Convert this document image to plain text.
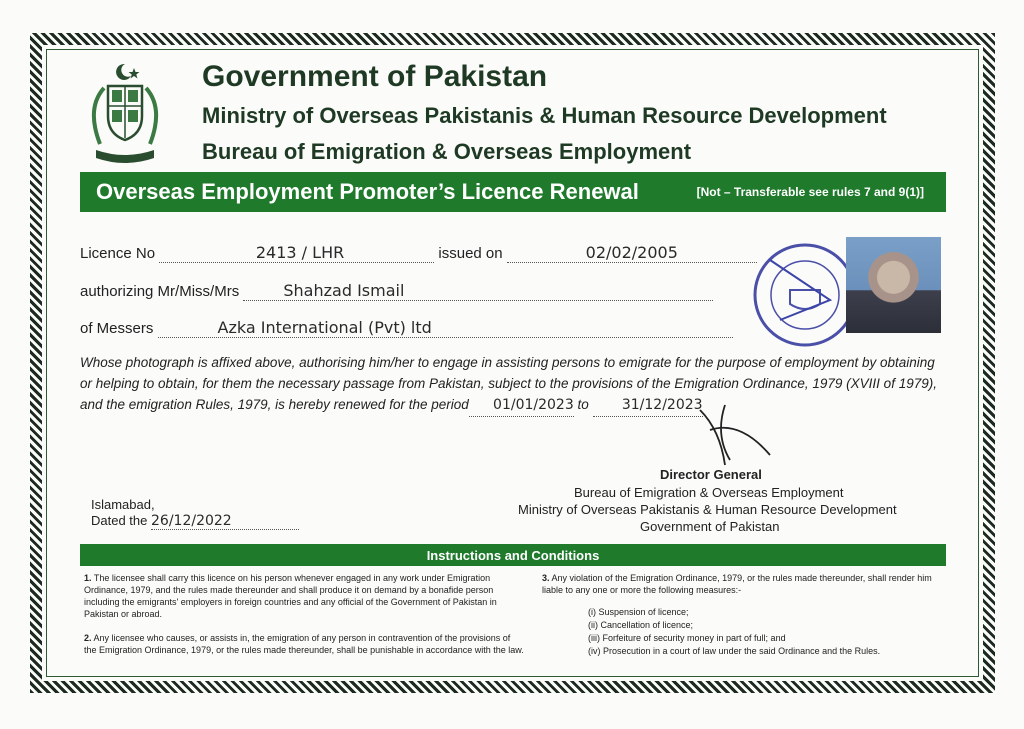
Government of Pakistan
Ministry of Overseas Pakistanis & Human Resource Development
Bureau of Emigration & Overseas Employment
Overseas Employment Promoter’s Licence Renewal	[Not – Transferable see rules 7 and 9(1)]
Licence No	2413 / LHR	issued on	02/02/2005
authorizing Mr/Miss/Mrs	Shahzad Ismail
of Messers	Azka International (Pvt) ltd
Whose photograph is affixed above, authorising him/her to engage in assisting persons to emigrate for the purpose of employment by obtaining or helping to obtain, for them the necessary passage from Pakistan, subject to the provisions of the Emigration Ordinance, 1979 (XVIII of 1979), and the emigration Rules, 1979, is hereby renewed for the period 01/01/2023 to 31/12/2023
Director General
Bureau of Emigration & Overseas Employment
Ministry of Overseas Pakistanis & Human Resource Development
Government of Pakistan
Islamabad,
Dated the 26/12/2022
Instructions and Conditions
1. The licensee shall carry this licence on his person whenever engaged in any work under Emigration Ordinance, 1979, and the rules made thereunder and shall produce it on demand by a bonafide person including the emigrants' employers in foreign countries and any official of the Government of Pakistan in Pakistan or abroad.
2. Any licensee who causes, or assists in, the emigration of any person in contravention of the provisions of the Emigration Ordinance, 1979, or the rules made thereunder, shall be punishable in accordance with the law.
3. Any violation of the Emigration Ordinance, 1979, or the rules made thereunder, shall render him liable to any one or more the following measures:-
(i) Suspension of licence;
(ii) Cancellation of licence;
(iii) Forfeiture of security money in part of full; and
(iv) Prosecution in a court of law under the said Ordinance and the Rules.
